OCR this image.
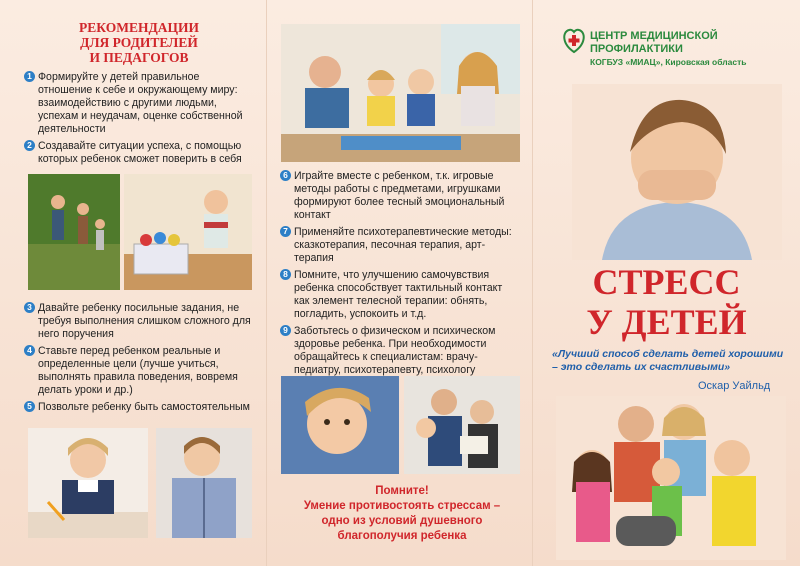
РЕКОМЕНДАЦИИ
ДЛЯ РОДИТЕЛЕЙ
И ПЕДАГОГОВ
1 Формируйте у детей правильное отношение к себе и окружающему миру: взаимодействию с другими людьми, успехам и неудачам, оценке собственной деятельности
2 Создавайте ситуации успеха, с помощью которых ребенок сможет поверить в себя
3 Давайте ребенку посильные задания, не требуя выполнения слишком сложного для него поручения
4 Ставьте перед ребенком реальные и определенные цели (лучше учиться, выполнять правила поведения, вовремя делать уроки и др.)
5 Позвольте ребенку быть самостоятельным
6 Играйте вместе с ребенком, т.к. игровые методы работы с предметами, игрушками формируют более тесный эмоциональный контакт
7 Применяйте психотерапевтические методы: сказкотерапия, песочная терапия, арт-терапия
8 Помните, что улучшению самочувствия ребенка способствует тактильный контакт как элемент телесной терапии: обнять, погладить, успокоить и т.д.
9 Заботьтесь о физическом и психическом здоровье ребенка. При необходимости обращайтесь к специалистам: врачу-педиатру, психотерапевту, психологу
Помните!
Умение противостоять стрессам –
одно из условий душевного
благополучия ребенка
ЦЕНТР МЕДИЦИНСКОЙ
ПРОФИЛАКТИКИ
КОГБУЗ «МИАЦ», Кировская область
СТРЕСС
У ДЕТЕЙ
«Лучший способ сделать детей хорошими – это сделать их счастливыми»
Оскар Уайльд
